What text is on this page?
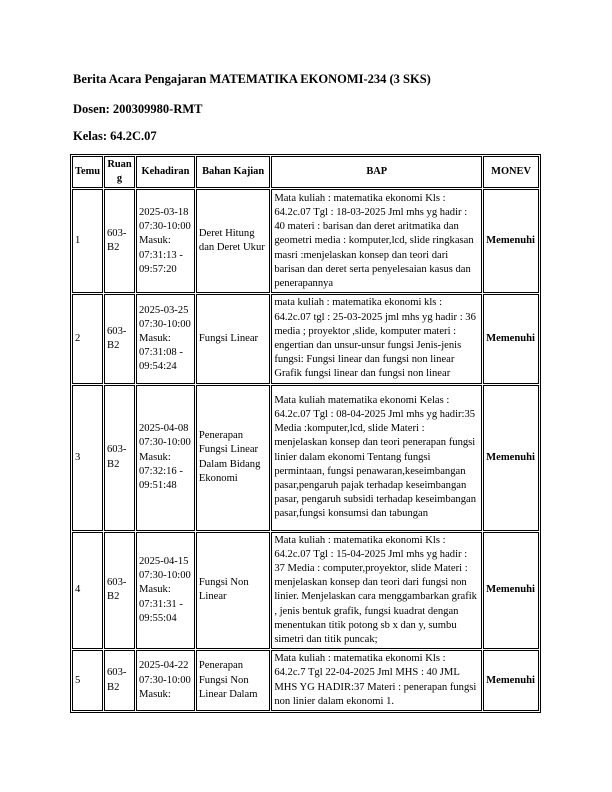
Berita Acara Pengajaran MATEMATIKA EKONOMI-234 (3 SKS)
Dosen: 200309980-RMT
Kelas: 64.2C.07
Temu	Ruang	Kehadiran	Bahan Kajian	BAP	MONEV
1	603-B2	2025-03-18 07:30-10:00 Masuk: 07:31:13 - 09:57:20	Deret Hitung dan Deret Ukur	Mata kuliah : matematika ekonomi Kls : 64.2c.07 Tgl : 18-03-2025 Jml mhs yg hadir : 40 materi : barisan dan deret aritmatika dan geometri media : komputer,lcd, slide ringkasan masri :menjelaskan konsep dan teori dari barisan dan deret serta penyelesaian kasus dan penerapannya	Memenuhi
2	603-B2	2025-03-25 07:30-10:00 Masuk: 07:31:08 - 09:54:24	Fungsi Linear	mata kuliah : matematika ekonomi kls : 64.2c.07 tgl : 25-03-2025 jml mhs yg hadir : 36 media ; proyektor ,slide, komputer materi : engertian dan unsur-unsur fungsi Jenis-jenis fungsi: Fungsi linear dan fungsi non linear Grafik fungsi linear dan fungsi non linear	Memenuhi
3	603-B2	2025-04-08 07:30-10:00 Masuk: 07:32:16 - 09:51:48	Penerapan Fungsi Linear Dalam Bidang Ekonomi	Mata kuliah matematika ekonomi Kelas : 64.2c.07 Tgl : 08-04-2025 Jml mhs yg hadir:35 Media :komputer,lcd, slide Materi : menjelaskan konsep dan teori penerapan fungsi linier dalam ekonomi Tentang fungsi permintaan, fungsi penawaran,keseimbangan pasar,pengaruh pajak terhadap keseimbangan pasar, pengaruh subsidi terhadap keseimbangan pasar,fungsi konsumsi dan tabungan	Memenuhi
4	603-B2	2025-04-15 07:30-10:00 Masuk: 07:31:31 - 09:55:04	Fungsi Non Linear	Mata kuliah : matematika ekonomi Kls : 64.2c.07 Tgl : 15-04-2025 Jml mhs yg hadir : 37 Media : computer,proyektor, slide Materi : menjelaskan konsep dan teori dari fungsi non linier. Menjelaskan cara menggambarkan grafik , jenis bentuk grafik, fungsi kuadrat dengan menentukan titik potong sb x dan y, sumbu simetri dan titik puncak;	Memenuhi
5	603-B2	2025-04-22 07:30-10:00 Masuk:	Penerapan Fungsi Non Linear Dalam	Mata kuliah : matematika ekonomi Kls : 64.2c.7 Tgl 22-04-2025 Jml MHS : 40 JML MHS YG HADIR:37 Materi : penerapan fungsi non linier dalam ekonomi 1.	Memenuhi
